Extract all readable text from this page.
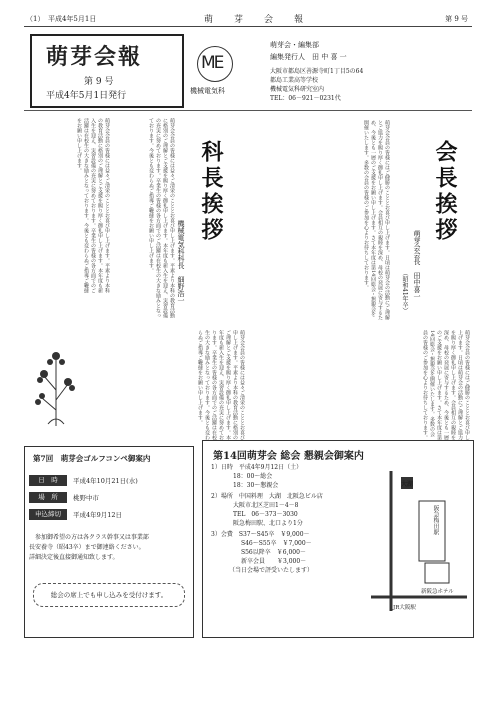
（1）　平成4年5月1日	萌　芽　会　報	第 9 号
萌芽会報
第 9 号
平成4年5月1日発行
ME
機械電気科
萌芽会・編集部
編集発行人　田 中 喜 一
大阪市都島区善源寺町1丁目5の64
都島工業高等学校
機械電気科研究室内
TEL：06－921－0231代
会長挨拶
萌芽会会長　田中喜一
（昭和41年卒）
萌芽会会員の皆様にはご健勝のこととお喜び申し上げます。日頃は萌芽会の活動にご理解とご協力を賜り厚く御礼申し上げます。会員相互の親睦を深め、母校の発展に寄与するため、今後とも一層のご支援をお願い申し上げます。さて本年度は第14回総会・懇親会を開催いたします。多数の会員の皆様のご参加を心よりお待ちしております。
萌芽会会員の皆様にはご健勝のこととお喜び申し上げます。日頃は萌芽会の活動にご理解とご協力を賜り厚く御礼申し上げます。会員相互の親睦を深め、母校の発展に寄与するため、今後とも一層のご支援をお願い申し上げます。さて本年度は第14回総会・懇親会を開催いたします。多数の会員の皆様のご参加を心よりお待ちしております。
科長挨拶
機械電気科科長　細野浩一
萌芽会会員の皆様には益々ご清栄のこととお喜び申し上げます。平素より本科の教育活動に格別のご理解とご支援を賜り厚く御礼申し上げます。本年度も新入生を迎え、実習設備の充実に努めております。卒業生の皆様の各方面でのご活躍は在校生の大きな励みとなっております。今後とも変わらぬご指導ご鞭撻をお願い申し上げます。
萌芽会会員の皆様には益々ご清栄のこととお喜び申し上げます。平素より本科の教育活動に格別のご理解とご支援を賜り厚く御礼申し上げます。本年度も新入生を迎え、実習設備の充実に努めております。卒業生の皆様の各方面でのご活躍は在校生の大きな励みとなっております。今後とも変わらぬご指導ご鞭撻をお願い申し上げます。
萌芽会会員の皆様には益々ご清栄のこととお喜び申し上げます。平素より本科の教育活動に格別のご理解とご支援を賜り厚く御礼申し上げます。本年度も新入生を迎え、実習設備の充実に努めております。卒業生の皆様の各方面でのご活躍は在校生の大きな励みとなっております。今後とも変わらぬご指導ご鞭撻をお願い申し上げます。
第7回　萌芽会ゴルフコンペ御案内
日　時	平成4年10月21日(水)
場　所	桃野中市
申込締切	平成4年9月12日
参加御希望の方は各クラス幹事又は事業部
長安養寺（昭43卒）まで御連絡ください。
詳細決定後直接御通知致します。
総会の席上でも申し込みを受付けます。
第14回萌芽会 総会 懇親会御案内
1）日時　 平成4年9月12日（土）
18：00～総会
18：30～懇親会
2）場所　 中国料理　大湖　北阪急ビル店
大阪市北区芝田1－4－8
TEL　06－373－3030
阪急梅田駅、北口より1分
3）会費　 S37～S45卒　￥9,000－
S46～S55卒　￥7,000－
S56以降卒　￥6,000－
新卒会員　　￥3,000－
（当日会場で評受いたします）
大湖
阪急梅田駅
新阪急ホテル
JR大阪駅
